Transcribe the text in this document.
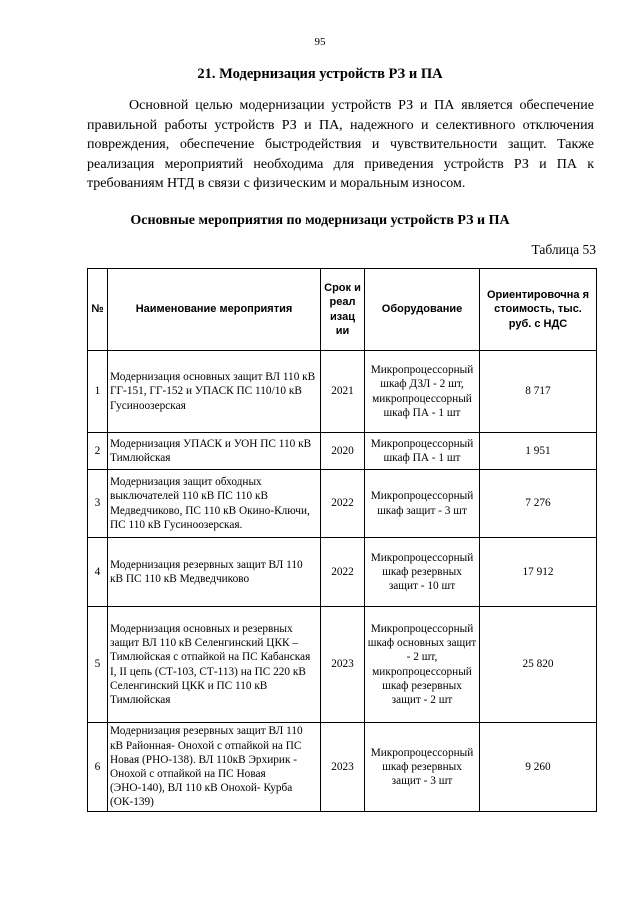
95
21. Модернизация устройств РЗ и ПА
Основной целью модернизации устройств РЗ и ПА является обеспечение правильной работы устройств РЗ и ПА, надежного и селективного отключения повреждения, обеспечение быстродействия и чувствительности защит. Также реализация мероприятий необходима для приведения устройств РЗ и ПА к требованиям НТД в связи с физическим и моральным износом.
Основные мероприятия по модернизаци устройств РЗ и ПА
Таблица 53
№	Наименование мероприятия	Срок и реал изац ии	Оборудование	Ориентировочна я стоимость, тыс. руб. с НДС
1	Модернизация основных защит ВЛ 110 кВ ГГ-151, ГГ-152 и УПАСК ПС 110/10 кВ Гусиноозерская	2021	Микропроцессорный шкаф ДЗЛ - 2 шт, микропроцессорный шкаф ПА - 1 шт	8 717
2	Модернизация УПАСК и УОН ПС 110 кВ Тимлюйская	2020	Микропроцессорный шкаф ПА - 1 шт	1 951
3	Модернизация защит обходных выключателей 110 кВ ПС 110 кВ Медведчиково, ПС 110 кВ Окино-Ключи, ПС 110 кВ Гусиноозерская.	2022	Микропроцессорный шкаф защит - 3 шт	7 276
4	Модернизация резервных защит ВЛ 110 кВ ПС 110 кВ Медведчиково	2022	Микропроцессорный шкаф резервных защит - 10 шт	17 912
5	Модернизация основных и резервных защит ВЛ 110 кВ Селенгинский ЦКК – Тимлюйская с отпайкой на ПС Кабанская I, II цепь (СТ-103, СТ-113) на ПС 220 кВ Селенгинский ЦКК и ПС 110 кВ Тимлюйская	2023	Микропроцессорный шкаф основных защит - 2 шт, микропроцессорный шкаф резервных защит - 2 шт	25 820
6	Модернизация резервных защит ВЛ 110 кВ Районная- Онохой с отпайкой на ПС Новая (РНО-138). ВЛ 110кВ Эрхирик - Онохой с отпайкой на ПС Новая (ЭНО-140), ВЛ 110 кВ Онохой- Курба (ОК-139)	2023	Микропроцессорный шкаф резервных защит - 3 шт	9 260
